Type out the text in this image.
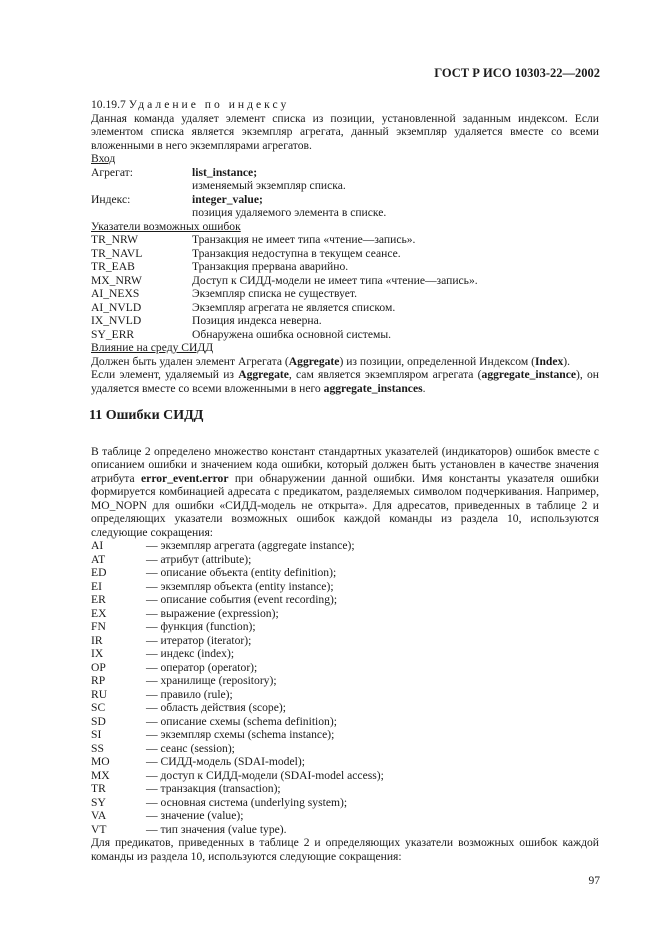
ГОСТ Р ИСО 10303-22—2002

10.19.7 Удаление по индексу

Данная команда удаляет элемент списка из позиции, установленной заданным индексом. Если элементом списка является экземпляр агрегата, данный экземпляр удаляется вместе со всеми вложенными в него экземплярами агрегатов.

Вход
Агрегат:	list_instance;
изменяемый экземпляр списка.
Индекс:	integer_value;
позиция удаляемого элемента в списке.
Указатели возможных ошибок
TR_NRW	Транзакция не имеет типа «чтение—запись».
TR_NAVL	Транзакция недоступна в текущем сеансе.
TR_EAB	Транзакция прервана аварийно.
MX_NRW	Доступ к СИДД-модели не имеет типа «чтение—запись».
AI_NEXS	Экземпляр списка не существует.
AI_NVLD	Экземпляр агрегата не является списком.
IX_NVLD	Позиция индекса неверна.
SY_ERR	Обнаружена ошибка основной системы.
Влияние на среду СИДД

Должен быть удален элемент Агрегата (Aggregate) из позиции, определенной Индексом (Index).

Если элемент, удаляемый из Aggregate, сам является экземпляром агрегата (aggregate_instance), он удаляется вместе со всеми вложенными в него aggregate_instances.

11 Ошибки СИДД

В таблице 2 определено множество констант стандартных указателей (индикаторов) ошибок вместе с описанием ошибки и значением кода ошибки, который должен быть установлен в качестве значения атрибута error_event.error при обнаружении данной ошибки. Имя константы указателя ошибки формируется комбинацией адресата с предикатом, разделяемых символом подчеркивания. Например, MO_NOPN для ошибки «СИДД-модель не открыта». Для адресатов, приведенных в таблице 2 и определяющих указатели возможных ошибок каждой команды из раздела 10, используются следующие сокращения:

AI	— экземпляр агрегата (aggregate instance);
AT	— атрибут (attribute);
ED	— описание объекта (entity definition);
EI	— экземпляр объекта (entity instance);
ER	— описание события (event recording);
EX	— выражение (expression);
FN	— функция (function);
IR	— итератор (iterator);
IX	— индекс (index);
OP	— оператор (operator);
RP	— хранилище (repository);
RU	— правило (rule);
SC	— область действия (scope);
SD	— описание схемы (schema definition);
SI	— экземпляр схемы (schema instance);
SS	— сеанс (session);
MO	— СИДД-модель (SDAI-model);
MX	— доступ к СИДД-модели (SDAI-model access);
TR	— транзакция (transaction);
SY	— основная система (underlying system);
VA	— значение (value);
VT	— тип значения (value type).

Для предикатов, приведенных в таблице 2 и определяющих указатели возможных ошибок каждой команды из раздела 10, используются следующие сокращения:

97
